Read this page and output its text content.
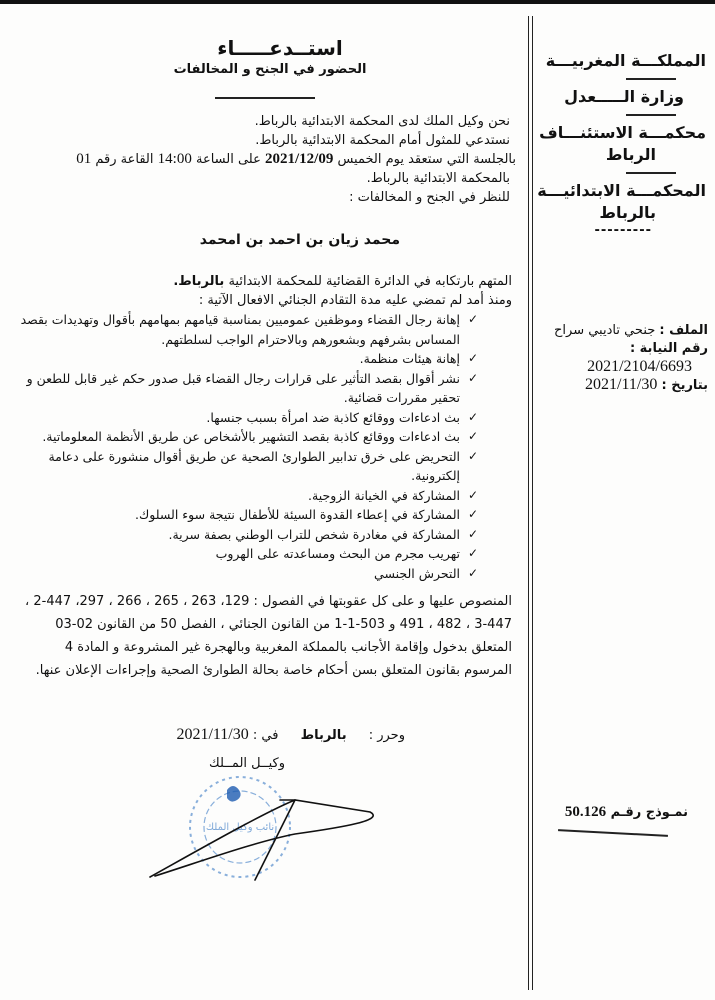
المملكـــة المغربيـــة
وزارة الـــــعدل
محكمـــة الاستئنـــاف
الرباط
المحكمـــة الابتدائيـــة
بالرباط
---------
الملف : جنحي تاديبي سراح
رقم النيابة :
2021/2104/6693
بتاريخ : 2021/11/30
نمـوذج رقـم 50.126
استــدعـــــاء
الحضور في الجنح و المخالفات
نحن وكيل الملك لدى المحكمة الابتدائية بالرباط.
نستدعي للمثول أمام المحكمة الابتدائية بالرباط.
بالجلسة التي ستعقد يوم الخميس 2021/12/09 على الساعة 14:00 القاعة رقم 01
بالمحكمة الابتدائية بالرباط.
للنظر في الجنح و المخالفات :
محمد زيان بن احمد بن امحمد
المتهم بارتكابه في الدائرة القضائية للمحكمة الابتدائية بالرباط.
ومنذ أمد لم تمضي عليه مدة التقادم الجنائي الافعال الآتية :
✓
إهانة رجال القضاء وموظفين عموميين بمناسبة قيامهم بمهامهم بأقوال وتهديدات بقصد المساس بشرفهم وبشعورهم وبالاحترام الواجب لسلطتهم.
✓
إهانة هيئات منظمة.
✓
نشر أقوال بقصد التأثير على قرارات رجال القضاء قبل صدور حكم غير قابل للطعن و تحقير مقررات قضائية.
✓
بث ادعاءات ووقائع كاذبة ضد امرأة بسبب جنسها.
✓
بث ادعاءات ووقائع كاذبة بقصد التشهير بالأشخاص عن طريق الأنظمة المعلوماتية.
✓
التحريض على خرق تدابير الطوارئ الصحية عن طريق أقوال منشورة على دعامة إلكترونية.
✓
المشاركة في الخيانة الزوجية.
✓
المشاركة في إعطاء القدوة السيئة للأطفال نتيجة سوء السلوك.
✓
المشاركة في مغادرة شخص للتراب الوطني بصفة سرية.
✓
تهريب مجرم من البحث ومساعدته على الهروب
✓
التحرش الجنسي
المنصوص عليها و على كل عقوبتها في الفصول : 129، 263 ، 265 ، 266 ، 297، 447-2 ، 447-3 ، 482 ، 491 و 503-1-1 من القانون الجنائي ، الفصل 50 من القانون 02-03 المتعلق بدخول وإقامة الأجانب بالمملكة المغربية وبالهجرة غير المشروعة و المادة 4 المرسوم بقانون المتعلق بسن أحكام خاصة بحالة الطوارئ الصحية وإجراءات الإعلان عنها.
وحرر : بالرباط في : 2021/11/30
وكيــل المــلك
نائب وكيل الملك
